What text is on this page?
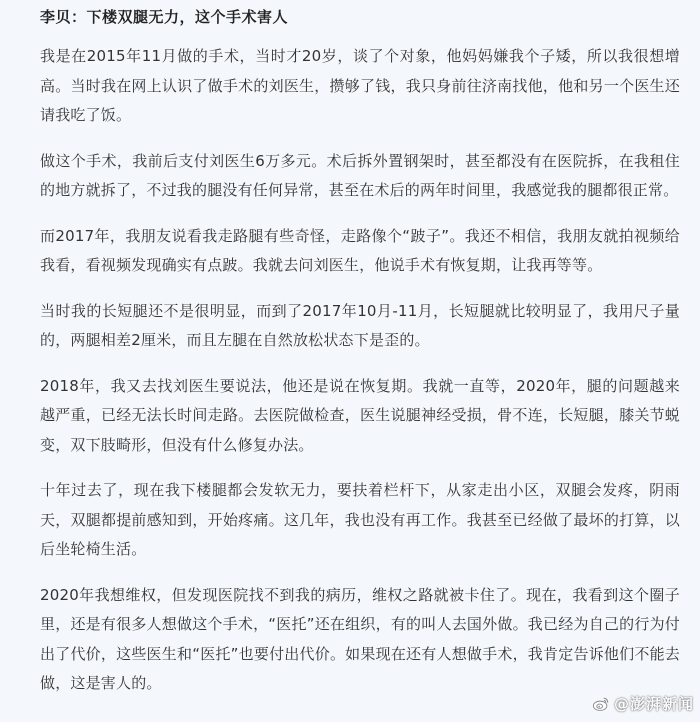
李贝：下楼双腿无力，这个手术害人

我是在2015年11月做的手术，当时才20岁，谈了个对象，他妈妈嫌我个子矮，所以我很想增高。当时我在网上认识了做手术的刘医生，攒够了钱，我只身前往济南找他，他和另一个医生还请我吃了饭。

做这个手术，我前后支付刘医生6万多元。术后拆外置钢架时，甚至都没有在医院拆，在我租住的地方就拆了，不过我的腿没有任何异常，甚至在术后的两年时间里，我感觉我的腿都很正常。

而2017年，我朋友说看我走路腿有些奇怪，走路像个“跛子”。我还不相信，我朋友就拍视频给我看，看视频发现确实有点跛。我就去问刘医生，他说手术有恢复期，让我再等等。

当时我的长短腿还不是很明显，而到了2017年10月-11月，长短腿就比较明显了，我用尺子量的，两腿相差2厘米，而且左腿在自然放松状态下是歪的。

2018年，我又去找刘医生要说法，他还是说在恢复期。我就一直等，2020年，腿的问题越来越严重，已经无法长时间走路。去医院做检查，医生说腿神经受损，骨不连，长短腿，膝关节蜕变，双下肢畸形，但没有什么修复办法。

十年过去了，现在我下楼腿都会发软无力，要扶着栏杆下，从家走出小区，双腿会发疼，阴雨天，双腿都提前感知到，开始疼痛。这几年，我也没有再工作。我甚至已经做了最坏的打算，以后坐轮椅生活。

2020年我想维权，但发现医院找不到我的病历，维权之路就被卡住了。现在，我看到这个圈子里，还是有很多人想做这个手术，“医托”还在组织，有的叫人去国外做。我已经为自己的行为付出了代价，这些医生和“医托”也要付出代价。如果现在还有人想做手术，我肯定告诉他们不能去做，这是害人的。

@澎湃新闻
